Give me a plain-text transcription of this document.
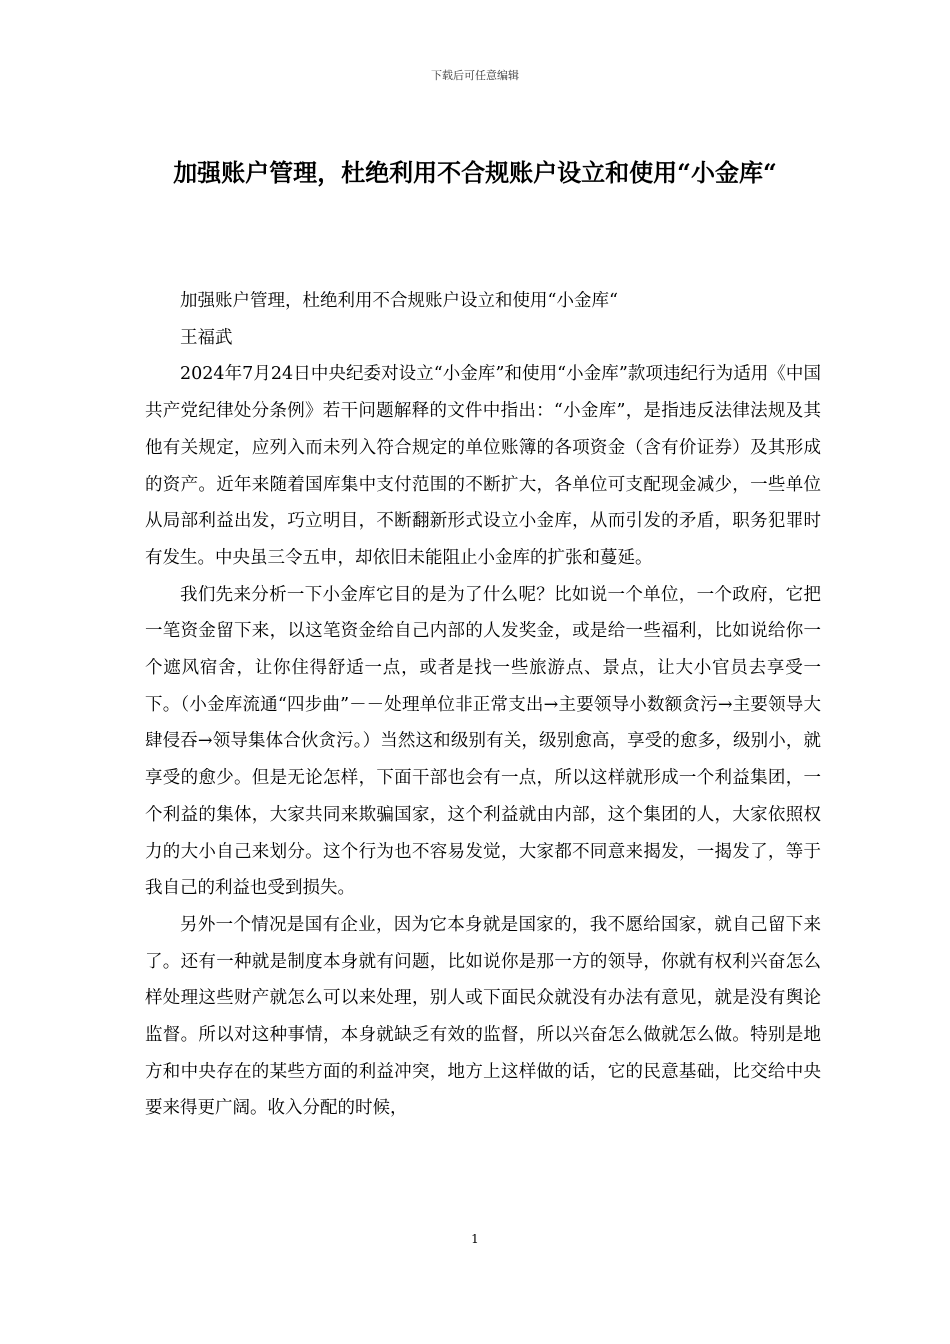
下载后可任意编辑
加强账户管理，杜绝利用不合规账户设立和使用“小金库“

加强账户管理，杜绝利用不合规账户设立和使用“小金库“

王福武

2024年7月24日中央纪委对设立“小金库”和使用“小金库”款项违纪行为适用《中国共产党纪律处分条例》若干问题解释的文件中指出：“小金库”，是指违反法律法规及其他有关规定，应列入而未列入符合规定的单位账簿的各项资金（含有价证券）及其形成的资产。近年来随着国库集中支付范围的不断扩大，各单位可支配现金减少，一些单位从局部利益出发，巧立明目，不断翻新形式设立小金库，从而引发的矛盾，职务犯罪时有发生。中央虽三令五申，却依旧未能阻止小金库的扩张和蔓延。

我们先来分析一下小金库它目的是为了什么呢？比如说一个单位，一个政府，它把一笔资金留下来，以这笔资金给自己内部的人发奖金，或是给一些福利，比如说给你一个遮风宿舍，让你住得舒适一点，或者是找一些旅游点、景点，让大小官员去享受一下。（小金库流通“四步曲”－－处理单位非正常支出→主要领导小数额贪污→主要领导大肆侵吞→领导集体合伙贪污。）当然这和级别有关，级别愈高，享受的愈多，级别小，就享受的愈少。但是无论怎样，下面干部也会有一点，所以这样就形成一个利益集团，一个利益的集体，大家共同来欺骗国家，这个利益就由内部，这个集团的人，大家依照权力的大小自己来划分。这个行为也不容易发觉，大家都不同意来揭发，一揭发了，等于我自己的利益也受到损失。

另外一个情况是国有企业，因为它本身就是国家的，我不愿给国家，就自己留下来了。还有一种就是制度本身就有问题，比如说你是那一方的领导，你就有权利兴奋怎么样处理这些财产就怎么可以来处理，别人或下面民众就没有办法有意见，就是没有舆论监督。所以对这种事情，本身就缺乏有效的监督，所以兴奋怎么做就怎么做。特别是地方和中央存在的某些方面的利益冲突，地方上这样做的话，它的民意基础，比交给中央要来得更广阔。收入分配的时候，

1
